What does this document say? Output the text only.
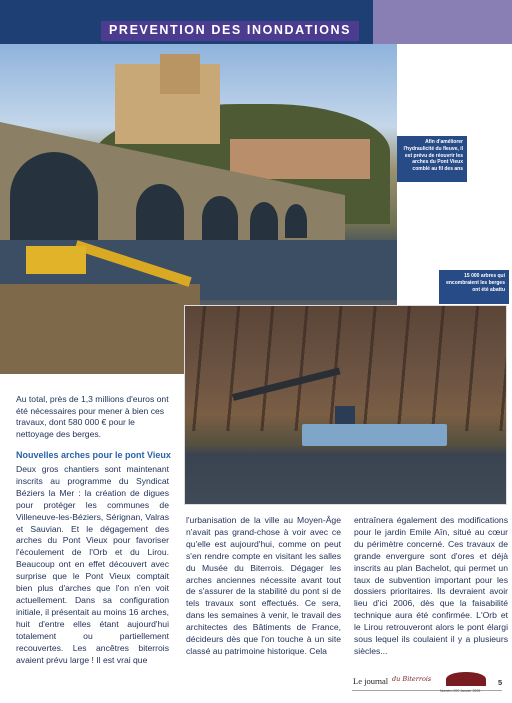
PREVENTION DES INONDATIONS
Afin d'améliorer l'hydraulicité du fleuve, il est prévu de réouvrir les arches du Pont Vieux comblé au fil des ans
15 000 arbres qui encombraient les berges ont été abattu

Au total, près de 1,3 millions d'euros ont été nécessaires pour mener à bien ces travaux, dont 580 000 € pour le nettoyage des berges.

Nouvelles arches pour le pont Vieux

Deux gros chantiers sont maintenant inscrits au programme du Syndicat Béziers la Mer : la création de digues pour protéger les communes de Villeneuve-les-Béziers, Sérignan, Valras et Sauvian. Et le dégagement des arches du Pont Vieux pour favoriser l'écoulement de l'Orb et du Lirou. Beaucoup ont en effet découvert avec surprise que le Pont Vieux comptait bien plus d'arches que l'on n'en voit actuellement. Dans sa configuration initiale, il présentait au moins 16 arches, huit d'entre elles étant aujourd'hui totalement ou partiellement recouvertes. Les ancêtres biterrois avaient prévu large ! Il est vrai que

l'urbanisation de la ville au Moyen-Âge n'avait pas grand-chose à voir avec ce qu'elle est aujourd'hui, comme on peut s'en rendre compte en visitant les salles du Musée du Biterrois. Dégager les arches anciennes nécessite avant tout de s'assurer de la stabilité du pont si de tels travaux sont effectués. Ce sera, dans les semaines à venir, le travail des architectes des Bâtiments de France, décideurs dès que l'on touche à un site classé au patrimoine historique. Cela

entraînera également des modifications pour le jardin Emile Aîn, situé au cœur du périmètre concerné. Ces travaux de grande envergure sont d'ores et déjà inscrits au plan Bachelot, qui permet un taux de subvention important pour les dossiers prioritaires. Ils devraient avoir lieu d'ici 2006, dès que la faisabilité technique aura été confirmée. L'Orb et le Lirou retrouveront alors le pont élargi sous lequel ils coulaient il y a plusieurs siècles...

Le journal du Biterrois
Numéro 000 Janvier 2005
5
